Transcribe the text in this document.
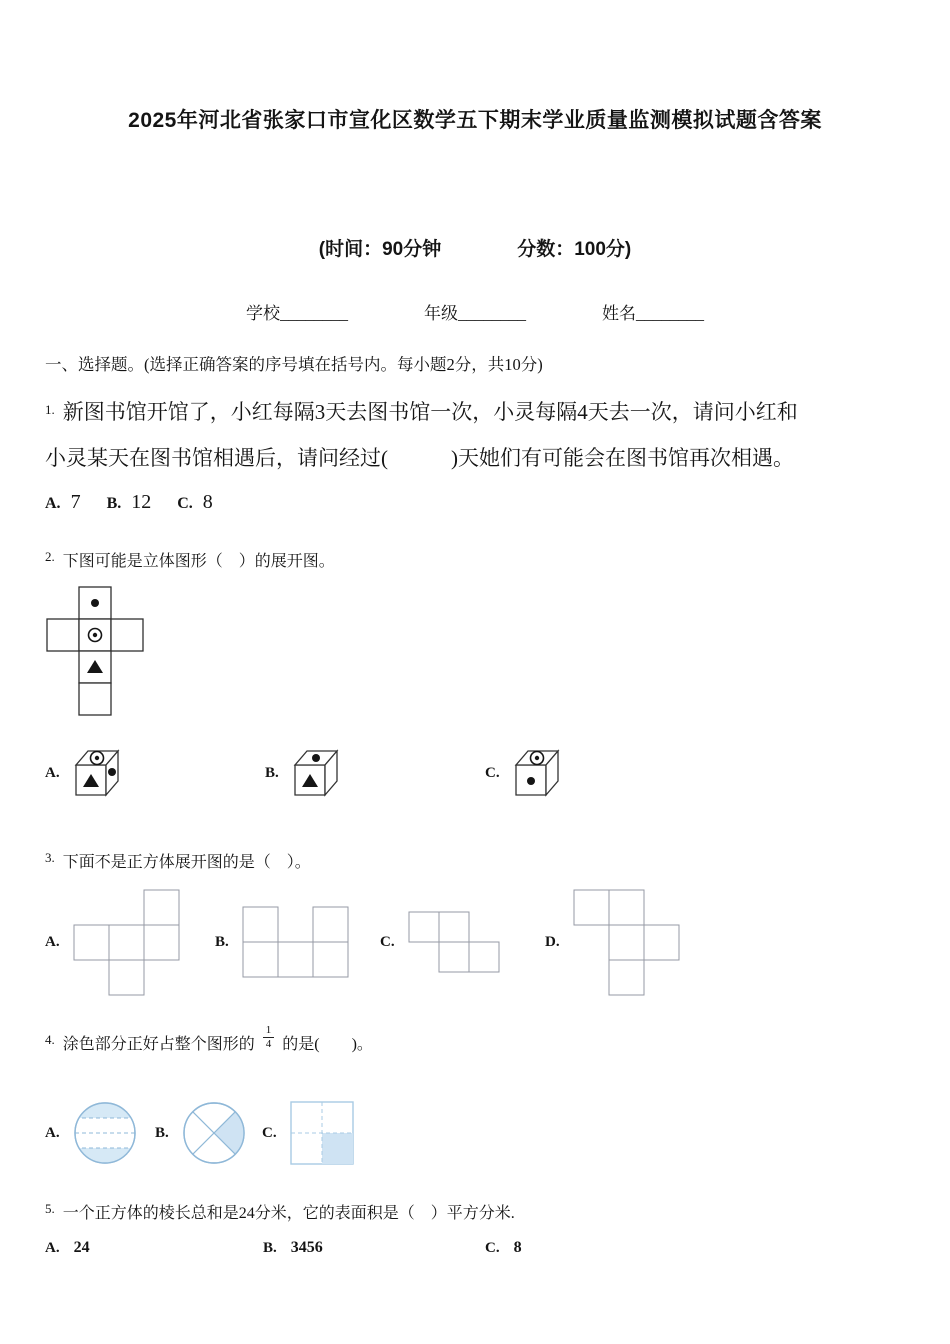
2025年河北省张家口市宣化区数学五下期末学业质量监测模拟试题含答案
(时间：90分钟　　　　分数：100分)
学校________	年级________	姓名________
一、选择题。(选择正确答案的序号填在括号内。每小题2分，共10分)
$^{1.}$ 新图书馆开馆了，小红每隔3天去图书馆一次，小灵每隔4天去一次，请问小红和
小灵某天在图书馆相遇后，请问经过(　　　)天她们有可能会在图书馆再次相遇。
A. 7 B. 12 C. 8
$^{2.}$ 下图可能是立体图形（　）的展开图。
A.	B.	C.
$^{3.}$ 下面不是正方体展开图的是（　）。
A.	B.	C.	D.
$^{4.}$ 涂色部分正好占整个图形的 $\frac{1}{4}$ 的是(　　)。
A.	B.	C.
$^{5.}$ 一个正方体的棱长总和是24分米，它的表面积是（　）平方分米.
A. 24	B. 3456	C. 8
